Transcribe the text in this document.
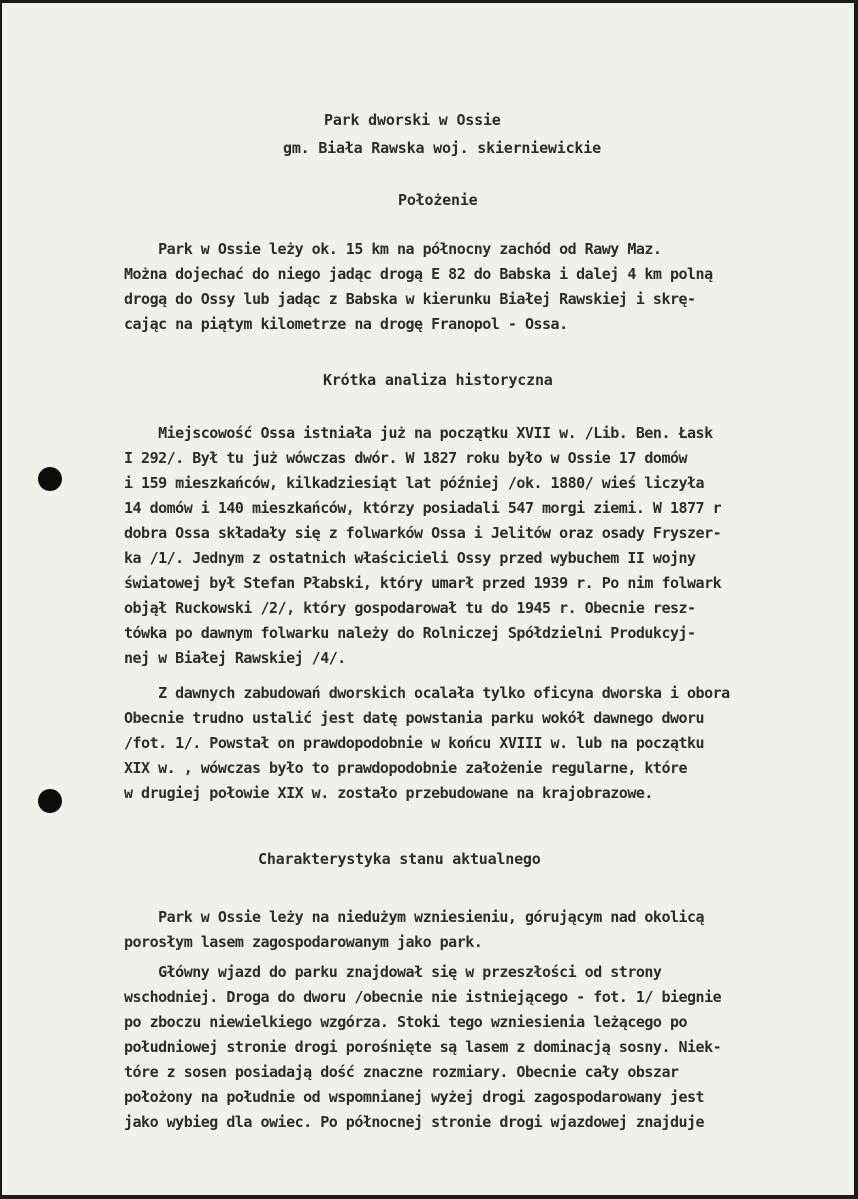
Park dworski w Ossie
gm. Biała Rawska woj. skierniewickie
Położenie
Park w Ossie leży ok. 15 km na północny zachód od Rawy Maz.
Można dojechać do niego jadąc drogą E 82 do Babska i dalej 4 km polną
drogą do Ossy lub jadąc z Babska w kierunku Białej Rawskiej i skrę-
cając na piątym kilometrze na drogę Franopol - Ossa.
Krótka analiza historyczna
Miejscowość Ossa istniała już na początku XVII w. /Lib. Ben. Łask
I 292/. Był tu już wówczas dwór. W 1827 roku było w Ossie 17 domów
i 159 mieszkańców, kilkadziesiąt lat później /ok. 1880/ wieś liczyła
14 domów i 140 mieszkańców, którzy posiadali 547 morgi ziemi. W 1877 r
dobra Ossa składały się z folwarków Ossa i Jelitów oraz osady Fryszer-
ka /1/. Jednym z ostatnich właścicieli Ossy przed wybuchem II wojny
światowej był Stefan Płabski, który umarł przed 1939 r. Po nim folwark
objął Ruckowski /2/, który gospodarował tu do 1945 r. Obecnie resz-
tówka po dawnym folwarku należy do Rolniczej Spółdzielni Produkcyj-
nej w Białej Rawskiej /4/.
Z dawnych zabudowań dworskich ocalała tylko oficyna dworska i obora
Obecnie trudno ustalić jest datę powstania parku wokół dawnego dworu
/fot. 1/. Powstał on prawdopodobnie w końcu XVIII w. lub na początku
XIX w. , wówczas było to prawdopodobnie założenie regularne, które
w drugiej połowie XIX w. zostało przebudowane na krajobrazowe.
Charakterystyka stanu aktualnego
Park w Ossie leży na niedużym wzniesieniu, górującym nad okolicą
porosłym lasem zagospodarowanym jako park.
Główny wjazd do parku znajdował się w przeszłości od strony
wschodniej. Droga do dworu /obecnie nie istniejącego - fot. 1/ biegnie
po zboczu niewielkiego wzgórza. Stoki tego wzniesienia leżącego po
południowej stronie drogi porośnięte są lasem z dominacją sosny. Niek-
tóre z sosen posiadają dość znaczne rozmiary. Obecnie cały obszar
położony na południe od wspomnianej wyżej drogi zagospodarowany jest
jako wybieg dla owiec. Po północnej stronie drogi wjazdowej znajduje
